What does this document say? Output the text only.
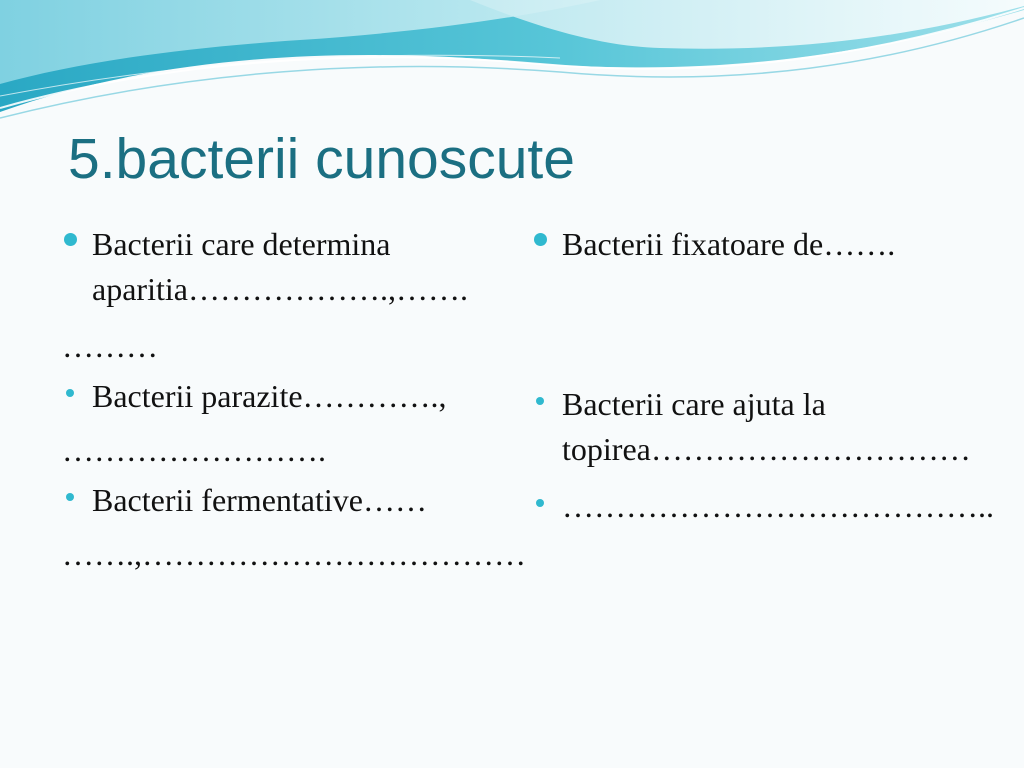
5.bacterii cunoscute
Bacterii care determina
aparitia……………….,…….
………
Bacterii parazite………….,
…………………….
Bacterii fermentative……
…….,………………………………
Bacterii fixatoare de…….
Bacterii care ajuta la
topirea…………………………
…………………………………..
